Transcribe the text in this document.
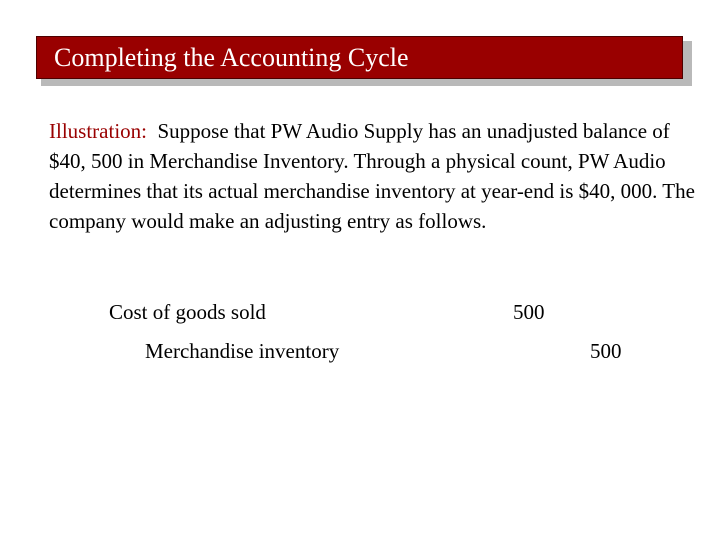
Completing the Accounting Cycle

Illustration: Suppose that PW Audio Supply has an unadjusted balance of $40, 500 in Merchandise Inventory. Through a physical count, PW Audio determines that its actual merchandise inventory at year-end is $40, 000. The company would make an adjusting entry as follows.

Cost of goods sold	500
Merchandise inventory	500
